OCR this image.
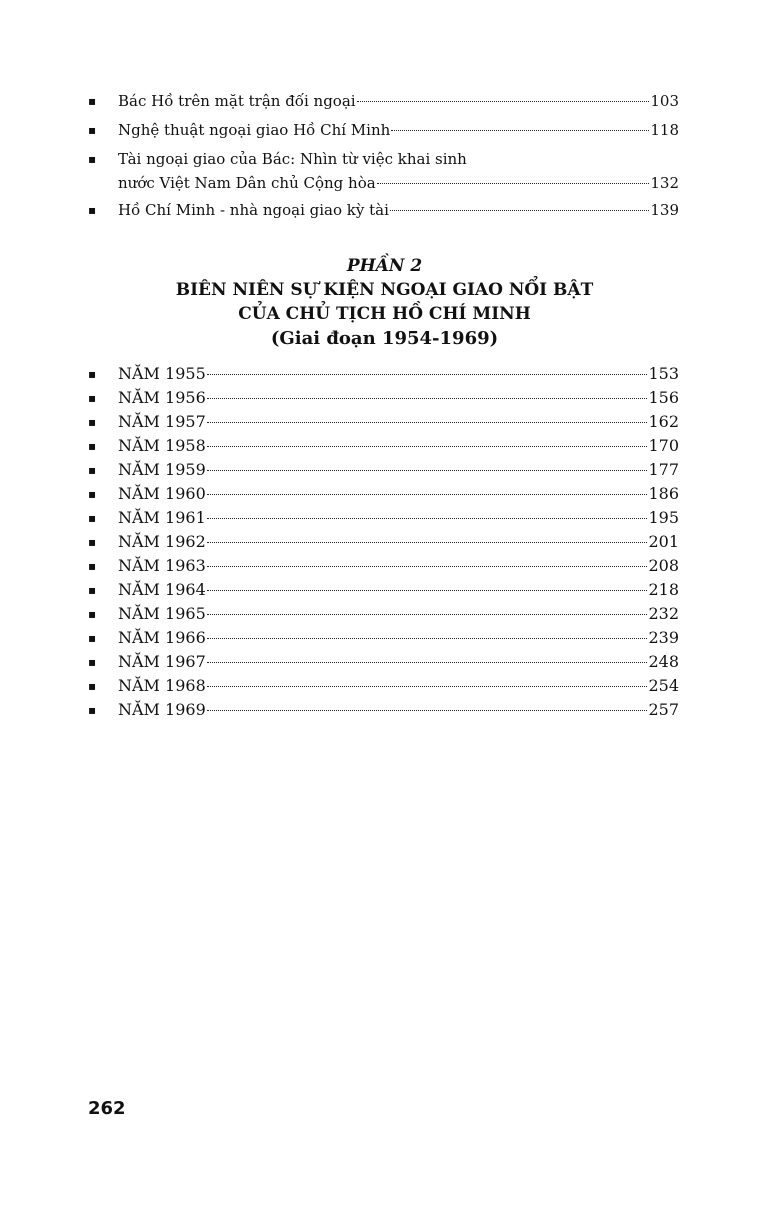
▪	Bác Hồ trên mặt trận đối ngoại	103
▪	Nghệ thuật ngoại giao Hồ Chí Minh	118
▪	Tài ngoại giao của Bác: Nhìn từ việc khai sinh
nước Việt Nam Dân chủ Cộng hòa	132
▪	Hồ Chí Minh - nhà ngoại giao kỳ tài	139
PHẦN 2
BIÊN NIÊN SỰ KIỆN NGOẠI GIAO NỔI BẬT
CỦA CHỦ TỊCH HỒ CHÍ MINH
(Giai đoạn 1954-1969)
▪	NĂM 1955	153
▪	NĂM 1956	156
▪	NĂM 1957	162
▪	NĂM 1958	170
▪	NĂM 1959	177
▪	NĂM 1960	186
▪	NĂM 1961	195
▪	NĂM 1962	201
▪	NĂM 1963	208
▪	NĂM 1964	218
▪	NĂM 1965	232
▪	NĂM 1966	239
▪	NĂM 1967	248
▪	NĂM 1968	254
▪	NĂM 1969	257
262
